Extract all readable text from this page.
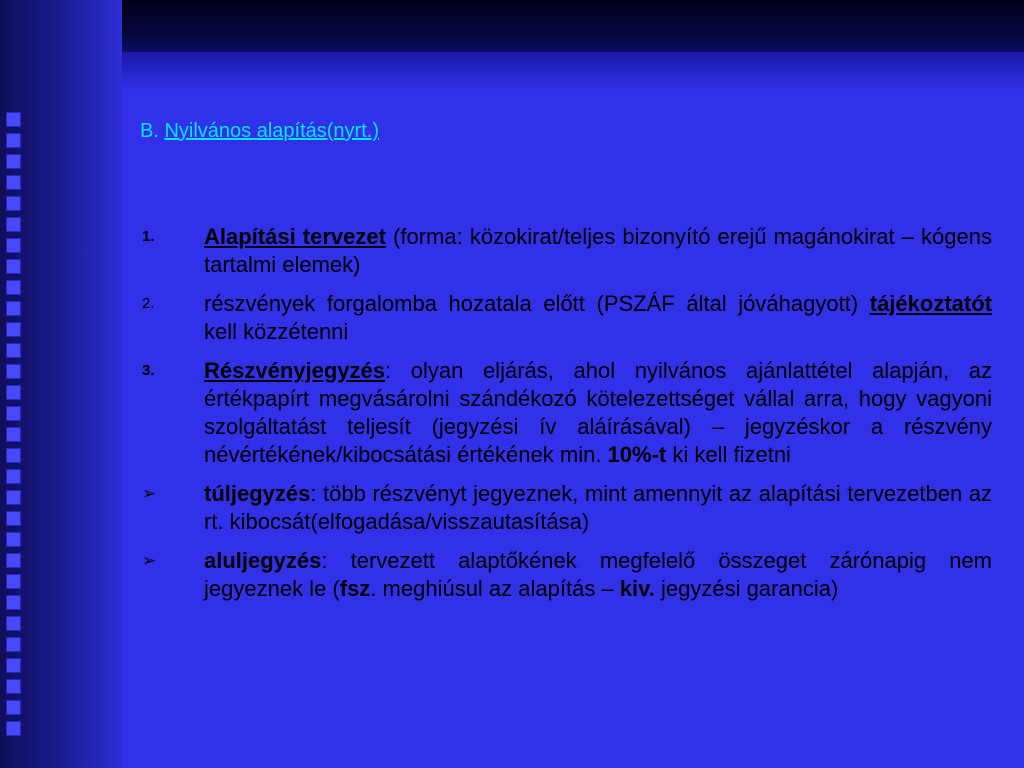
B. Nyilvános alapítás(nyrt.)
1.	Alapítási tervezet (forma: közokirat/teljes bizonyító erejű magánokirat – kógens tartalmi elemek)
2.	részvények forgalomba hozatala előtt (PSZÁF által jóváhagyott) tájékoztatót kell közzétenni
3.	Részvényjegyzés: olyan eljárás, ahol nyilvános ajánlattétel alapján, az értékpapírt megvásárolni szándékozó kötelezettséget vállal arra, hogy vagyoni szolgáltatást teljesít (jegyzési ív aláírásával) – jegyzéskor a részvény névértékének/kibocsátási értékének min. 10%-t ki kell fizetni
➢	túljegyzés: több részvényt jegyeznek, mint amennyit az alapítási tervezetben az rt. kibocsát(elfogadása/visszautasítása)
➢	aluljegyzés: tervezett alaptőkének megfelelő összeget zárónapig nem jegyeznek le (fsz. meghiúsul az alapítás – kiv. jegyzési garancia)
